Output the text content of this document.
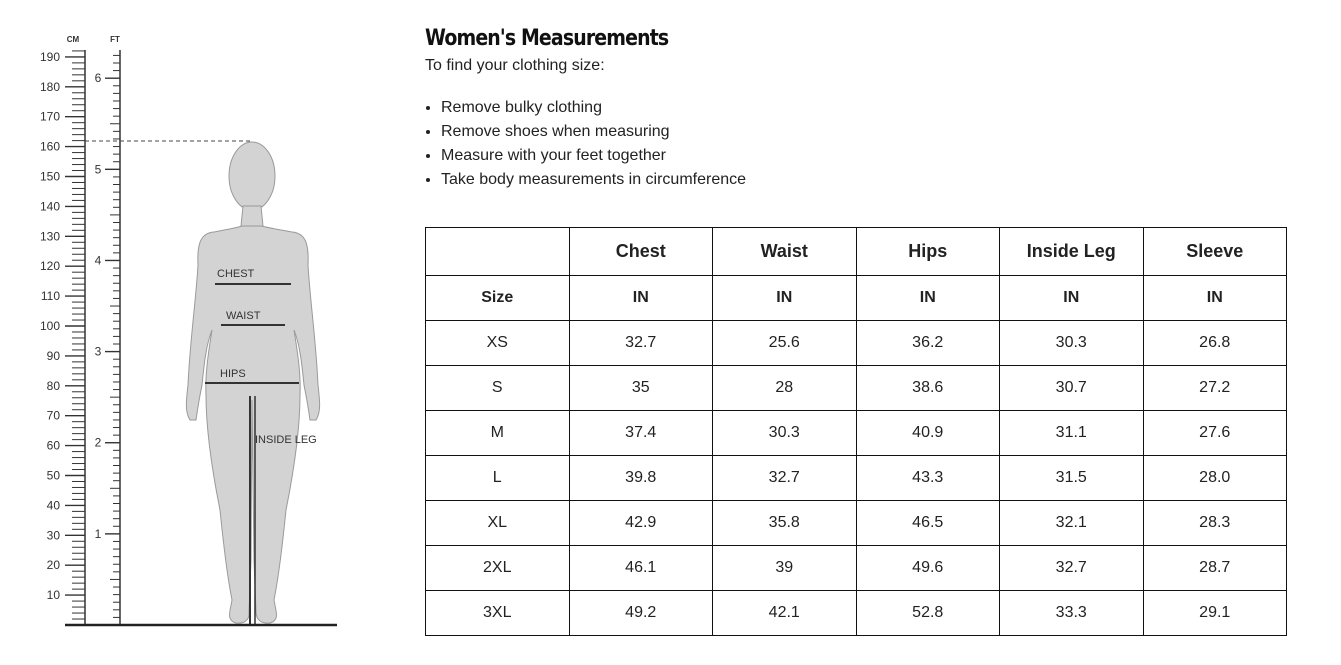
CM	FT
10
20
30
40
50
60
70
80
90
100
110
120
130
140
150
160
170
180
190
1
2
3
4
5
6
CHEST
WAIST
HIPS
INSIDE LEG
Women's Measurements

To find your clothing size:

• Remove bulky clothing
• Remove shoes when measuring
• Measure with your feet together
• Take body measurements in circumference
	Chest	Waist	Hips	Inside Leg	Sleeve
Size	IN	IN	IN	IN	IN
XS	32.7	25.6	36.2	30.3	26.8
S	35	28	38.6	30.7	27.2
M	37.4	30.3	40.9	31.1	27.6
L	39.8	32.7	43.3	31.5	28.0
XL	42.9	35.8	46.5	32.1	28.3
2XL	46.1	39	49.6	32.7	28.7
3XL	49.2	42.1	52.8	33.3	29.1
